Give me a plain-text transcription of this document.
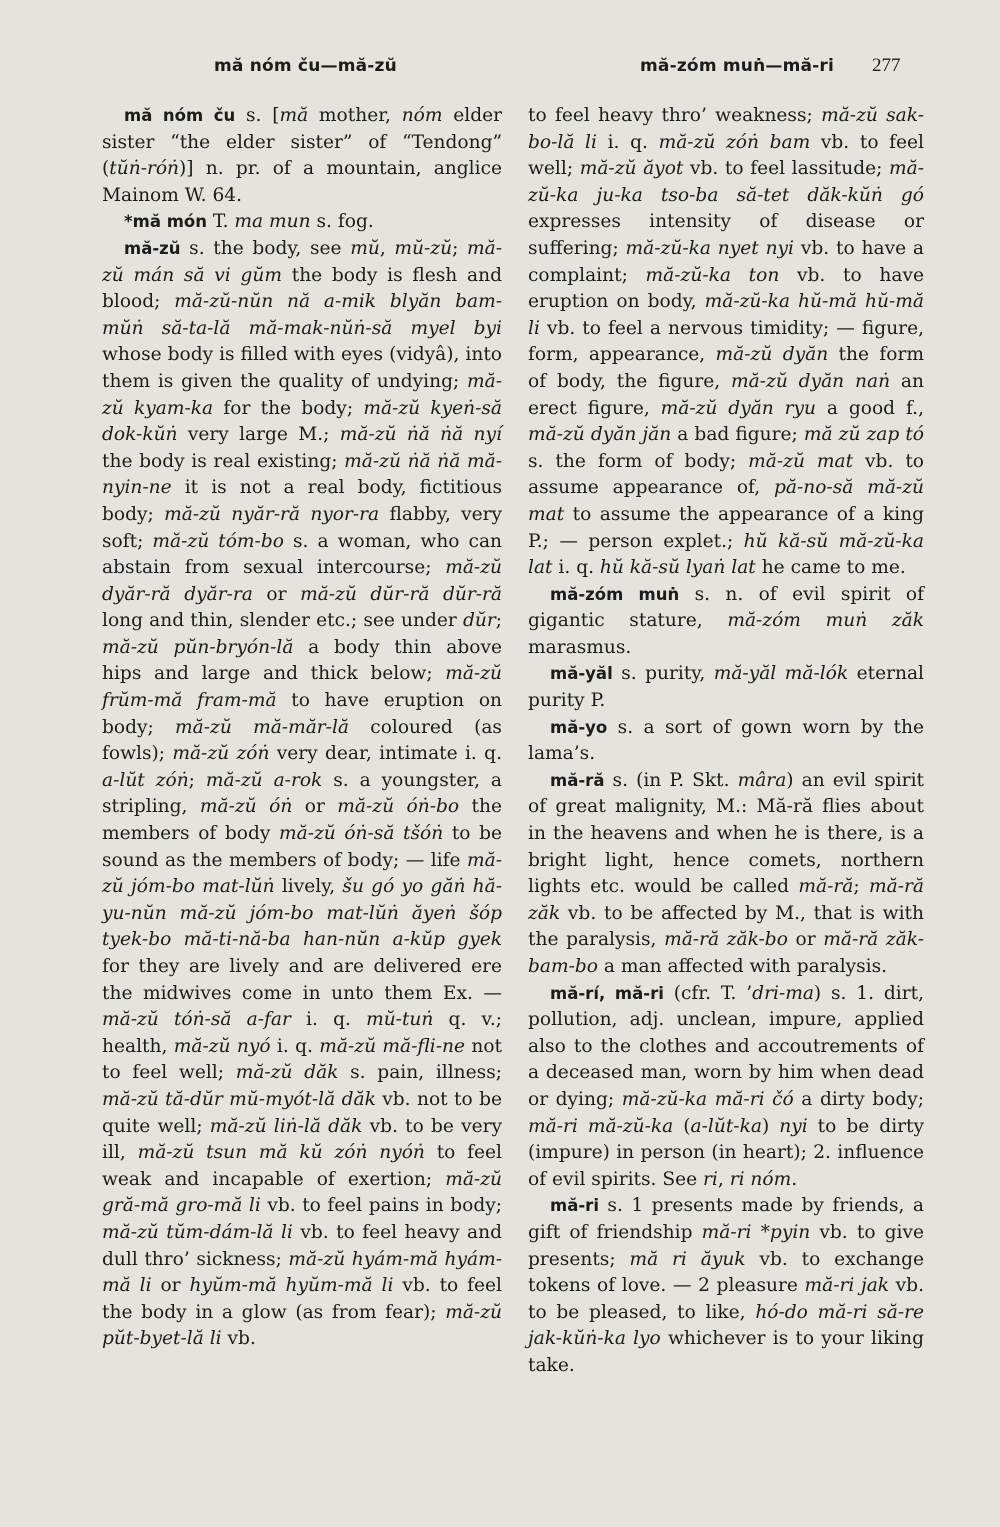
mă nóm ču—mă-zŭ	mă-zóm muṅ—mă-ri 277

mă nóm ču s. [mă mother, nóm elder sister “the elder sister” of “Tendong” (tŭṅ-róṅ)] n. pr. of a mountain, anglice Mainom W. 64.

*mă món T. ma mun s. fog.

mă-zŭ s. the body, see mŭ, mŭ-zŭ; mă-zŭ mán să vi gŭm the body is flesh and blood; mă-zŭ-nŭn nă a-mik blyăn bam-mŭṅ să-ta-lă mă-mak-nŭṅ-să myel byi whose body is filled with eyes (vidyâ), into them is given the quality of undying; mă-zŭ kyam-ka for the body; mă-zŭ kyeṅ-să dok-kŭṅ very large M.; mă-zŭ ṅă ṅă nyí the body is real existing; mă-zŭ ṅă ṅă mă-nyin-ne it is not a real body, fictitious body; mă-zŭ nyăr-ră nyor-ra flabby, very soft; mă-zŭ tóm-bo s. a woman, who can abstain from sexual intercourse; mă-zŭ dyăr-ră dyăr-ra or mă-zŭ dŭr-ră dŭr-ră long and thin, slender etc.; see under dŭr; mă-zŭ pŭn-bryón-lă a body thin above hips and large and thick below; mă-zŭ frŭm-mă fram-mă to have eruption on body; mă-zŭ mă-măr-lă coloured (as fowls); mă-zŭ zóṅ very dear, intimate i. q. a-lŭt zóṅ; mă-zŭ a-rok s. a youngster, a stripling, mă-zŭ óṅ or mă-zŭ óṅ-bo the members of body mă-zŭ óṅ-să tšóṅ to be sound as the members of body; — life mă-zŭ jóm-bo mat-lŭṅ lively, šu gó yo găṅ hă-yu-nŭn mă-zŭ jóm-bo mat-lŭṅ ăyeṅ šóp tyek-bo mă-ti-nă-ba han-nŭn a-kŭp gyek for they are lively and are delivered ere the midwives come in unto them Ex. — mă-zŭ tóṅ-să a-far i. q. mŭ-tuṅ q. v.; health, mă-zŭ nyó i. q. mă-zŭ mă-fli-ne not to feel well; mă-zŭ dăk s. pain, illness; mă-zŭ tă-dŭr mŭ-myót-lă dăk vb. not to be quite well; mă-zŭ liṅ-lă dăk vb. to be very ill, mă-zŭ tsun mă kŭ zóṅ nyóṅ to feel weak and incapable of exertion; mă-zŭ gră-mă gro-mă li vb. to feel pains in body; mă-zŭ tŭm-dám-lă li vb. to feel heavy and dull thro’ sickness; mă-zŭ hyám-mă hyám-mă li or hyŭm-mă hyŭm-mă li vb. to feel the body in a glow (as from fear); mă-zŭ pŭt-byet-lă li vb.

to feel heavy thro’ weakness; mă-zŭ sak-bo-lă li i. q. mă-zŭ zóṅ bam vb. to feel well; mă-zŭ ăyot vb. to feel lassitude; mă-zŭ-ka ju-ka tso-ba să-tet dăk-kŭṅ gó expresses intensity of disease or suffering; mă-zŭ-ka nyet nyi vb. to have a complaint; mă-zŭ-ka ton vb. to have eruption on body, mă-zŭ-ka hŭ-mă hŭ-mă li vb. to feel a nervous timidity; — figure, form, appearance, mă-zŭ dyăn the form of body, the figure, mă-zŭ dyăn naṅ an erect figure, mă-zŭ dyăn ryu a good f., mă-zŭ dyăn jăn a bad figure; mă zŭ zap tó s. the form of body; mă-zŭ mat vb. to assume appearance of, pă-no-să mă-zŭ mat to assume the appearance of a king P.; — person explet.; hŭ kă-sŭ mă-zŭ-ka lat i. q. hŭ kă-sŭ lyaṅ lat he came to me.

mă-zóm muṅ s. n. of evil spirit of gigantic stature, mă-zóm muṅ zăk marasmus.

mă-yăl s. purity, mă-yăl mă-lók eternal purity P.

mă-yo s. a sort of gown worn by the lama’s.

mă-ră s. (in P. Skt. mâra) an evil spirit of great malignity, M.: Mă-ră flies about in the heavens and when he is there, is a bright light, hence comets, northern lights etc. would be called mă-ră; mă-ră zăk vb. to be affected by M., that is with the paralysis, mă-ră zăk-bo or mă-ră zăk-bam-bo a man affected with paralysis.

mă-rí, mă-ri (cfr. T. ’dri-ma) s. 1. dirt, pollution, adj. unclean, impure, applied also to the clothes and accoutrements of a deceased man, worn by him when dead or dying; mă-zŭ-ka mă-ri čó a dirty body; mă-ri mă-zŭ-ka (a-lŭt-ka) nyi to be dirty (impure) in person (in heart); 2. influence of evil spirits. See ri, ri nóm.

mă-ri s. 1 presents made by friends, a gift of friendship mă-ri *pyin vb. to give presents; mă ri ăyuk vb. to exchange tokens of love. — 2 pleasure mă-ri jak vb. to be pleased, to like, hó-do mă-ri să-re jak-kŭṅ-ka lyo whichever is to your liking take.
